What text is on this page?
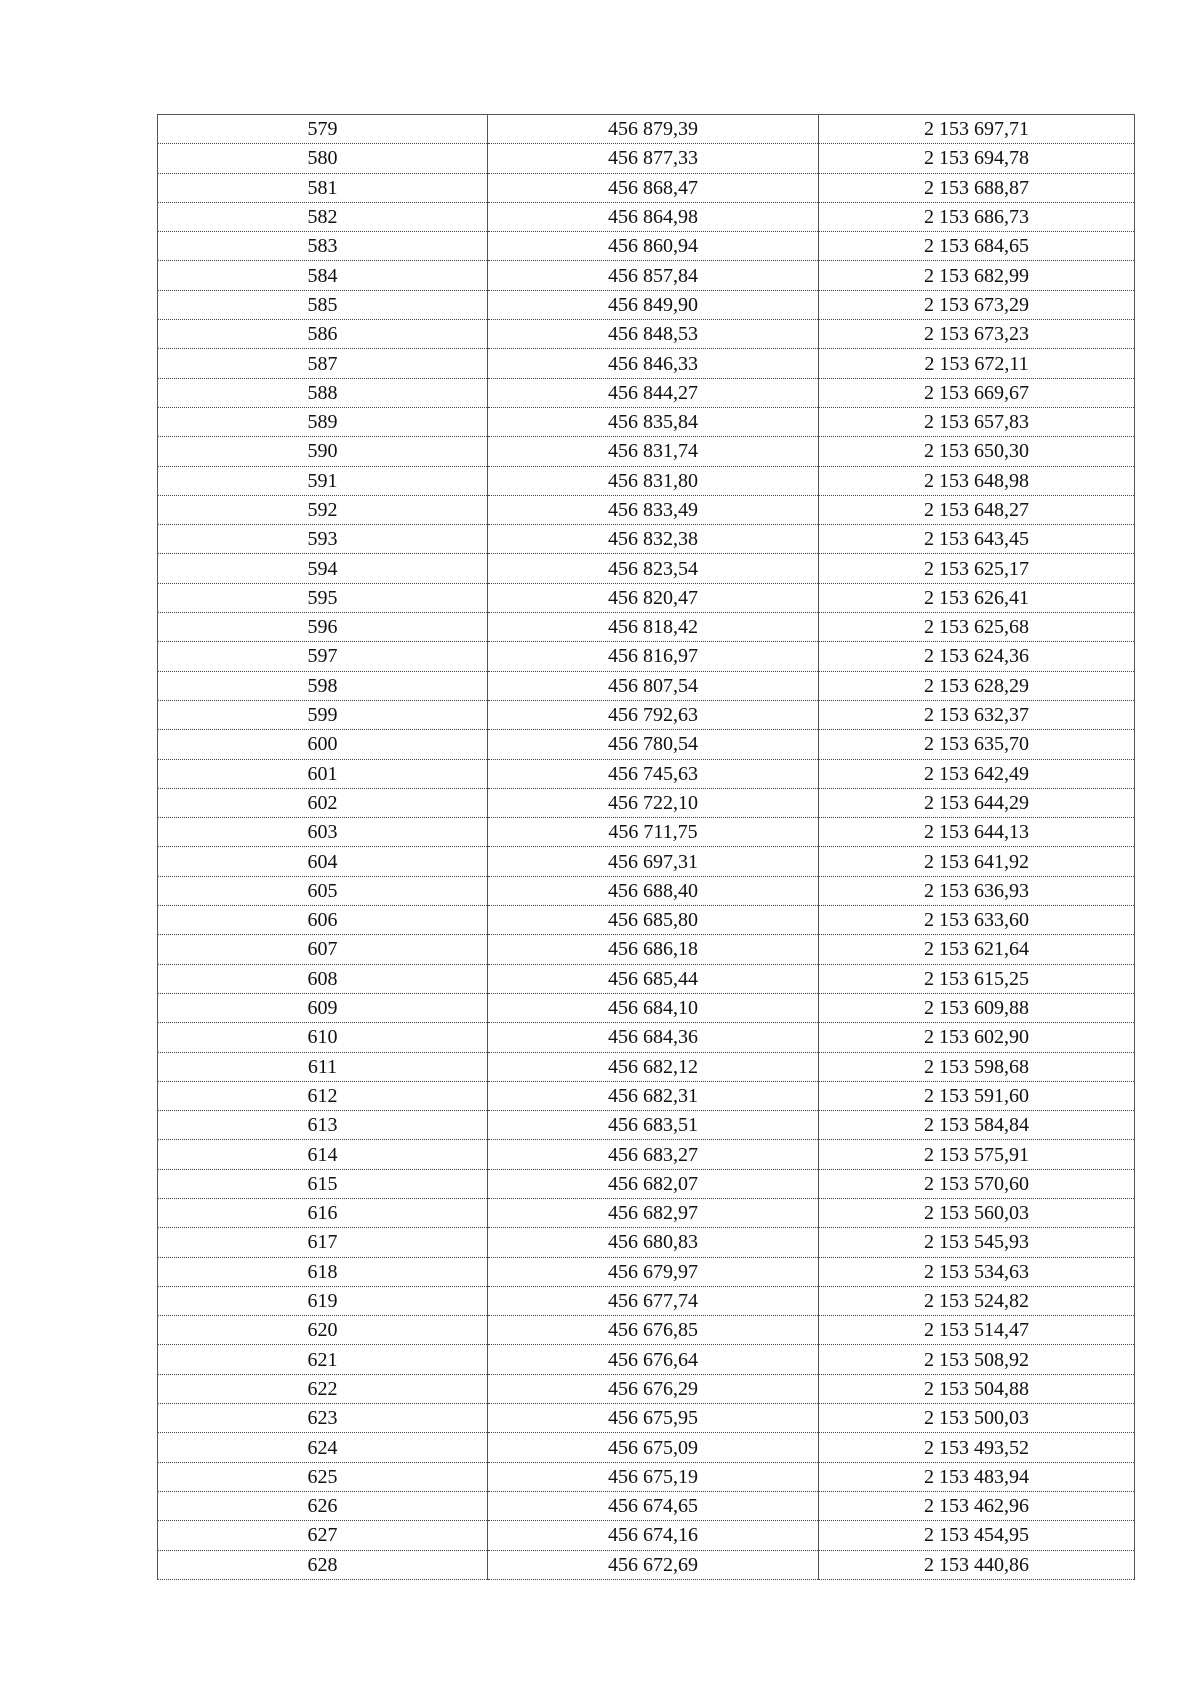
579	456 879,39	2 153 697,71
580	456 877,33	2 153 694,78
581	456 868,47	2 153 688,87
582	456 864,98	2 153 686,73
583	456 860,94	2 153 684,65
584	456 857,84	2 153 682,99
585	456 849,90	2 153 673,29
586	456 848,53	2 153 673,23
587	456 846,33	2 153 672,11
588	456 844,27	2 153 669,67
589	456 835,84	2 153 657,83
590	456 831,74	2 153 650,30
591	456 831,80	2 153 648,98
592	456 833,49	2 153 648,27
593	456 832,38	2 153 643,45
594	456 823,54	2 153 625,17
595	456 820,47	2 153 626,41
596	456 818,42	2 153 625,68
597	456 816,97	2 153 624,36
598	456 807,54	2 153 628,29
599	456 792,63	2 153 632,37
600	456 780,54	2 153 635,70
601	456 745,63	2 153 642,49
602	456 722,10	2 153 644,29
603	456 711,75	2 153 644,13
604	456 697,31	2 153 641,92
605	456 688,40	2 153 636,93
606	456 685,80	2 153 633,60
607	456 686,18	2 153 621,64
608	456 685,44	2 153 615,25
609	456 684,10	2 153 609,88
610	456 684,36	2 153 602,90
611	456 682,12	2 153 598,68
612	456 682,31	2 153 591,60
613	456 683,51	2 153 584,84
614	456 683,27	2 153 575,91
615	456 682,07	2 153 570,60
616	456 682,97	2 153 560,03
617	456 680,83	2 153 545,93
618	456 679,97	2 153 534,63
619	456 677,74	2 153 524,82
620	456 676,85	2 153 514,47
621	456 676,64	2 153 508,92
622	456 676,29	2 153 504,88
623	456 675,95	2 153 500,03
624	456 675,09	2 153 493,52
625	456 675,19	2 153 483,94
626	456 674,65	2 153 462,96
627	456 674,16	2 153 454,95
628	456 672,69	2 153 440,86
